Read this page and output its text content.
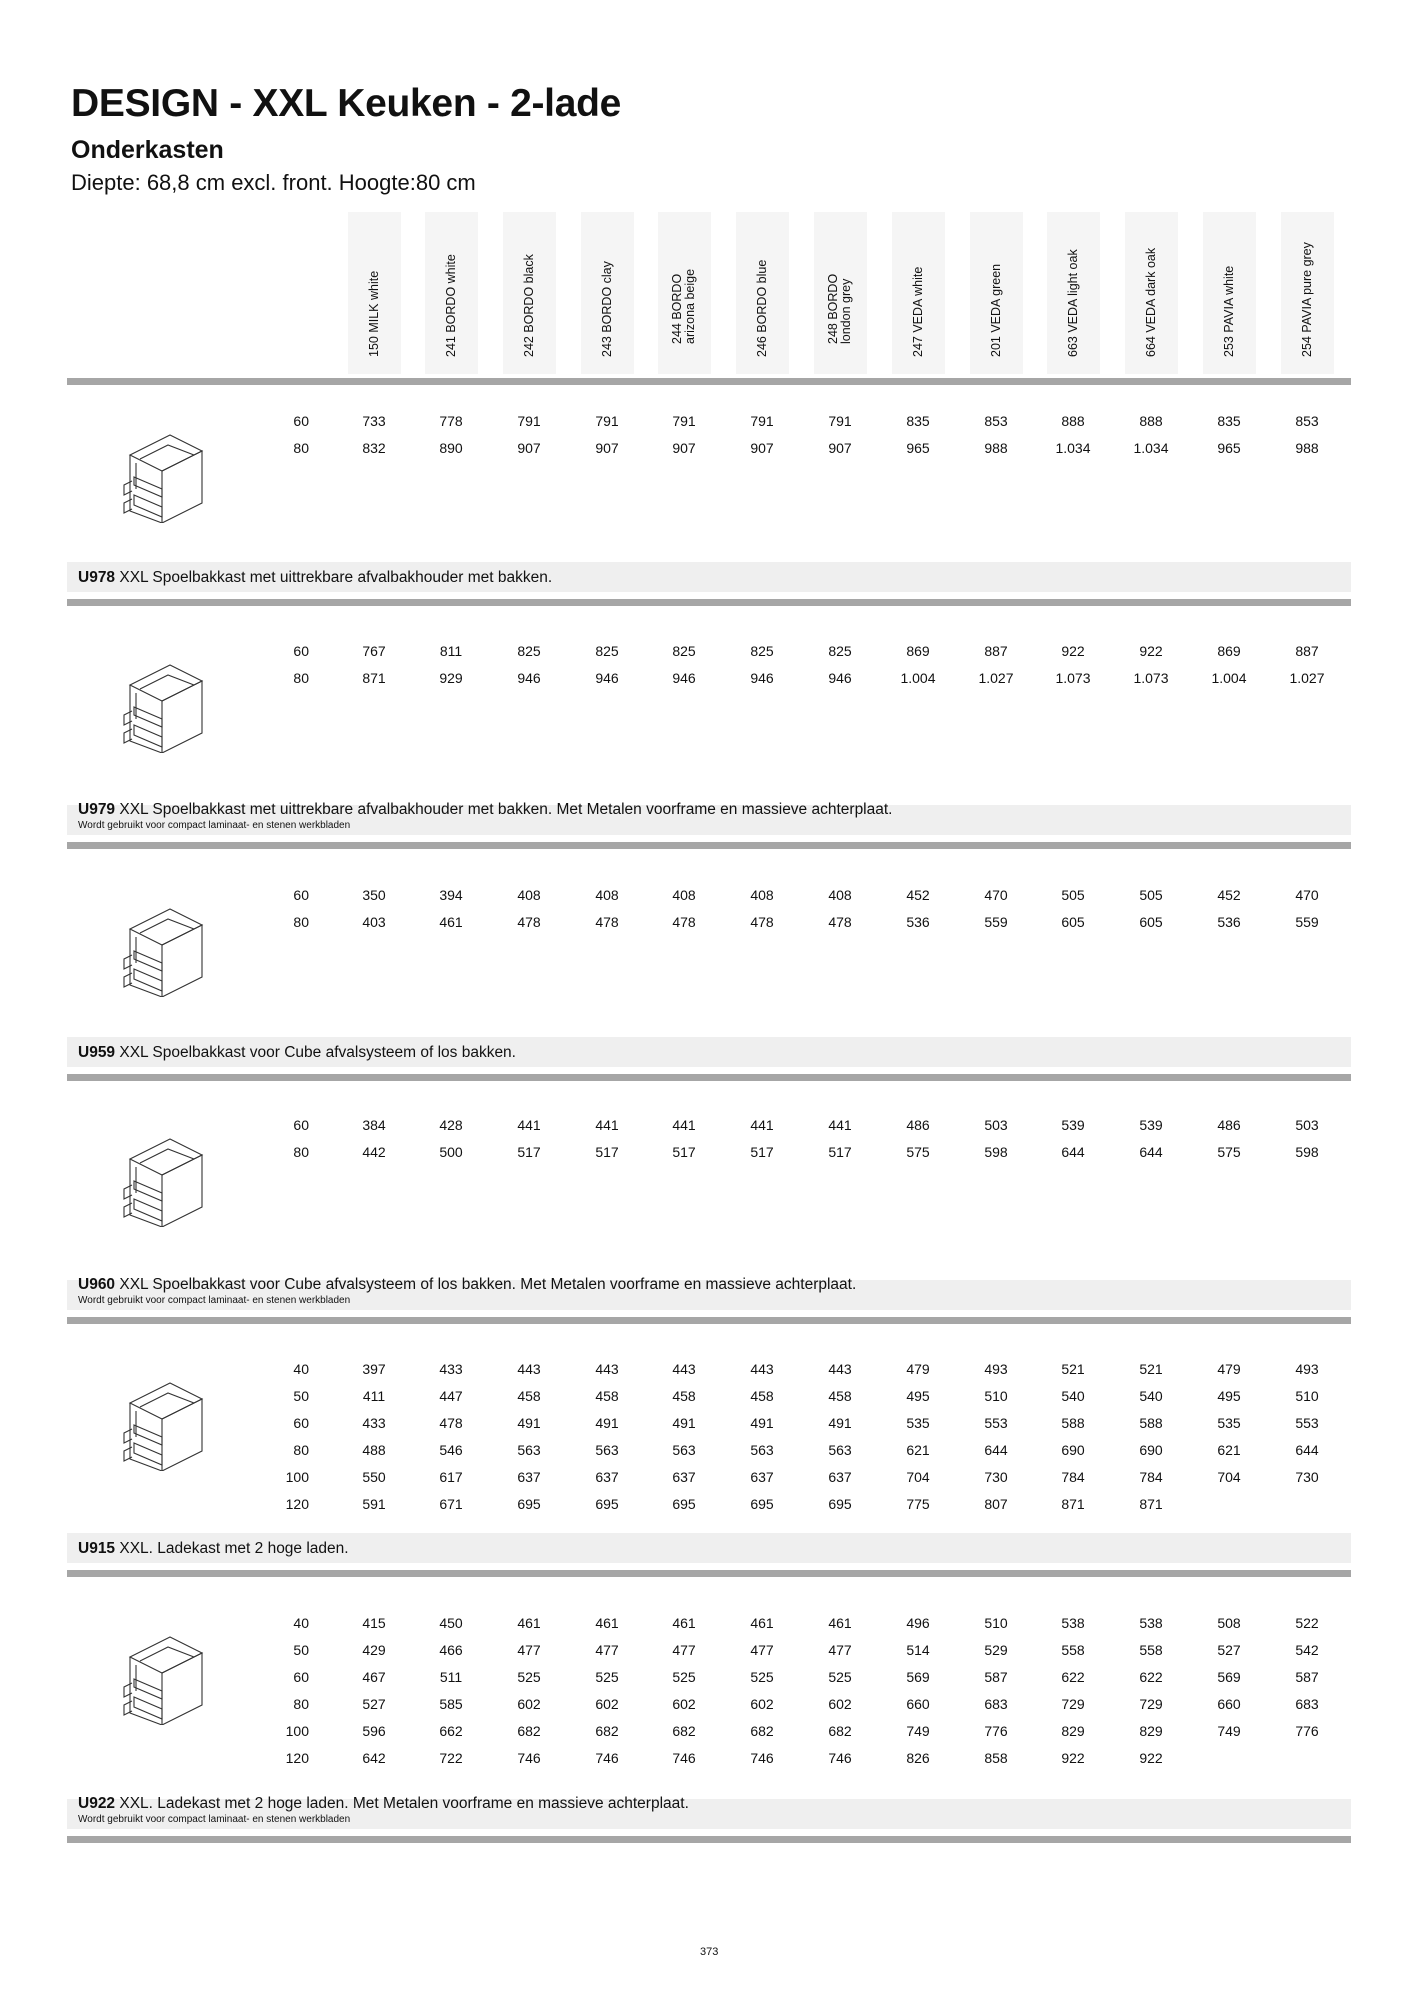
DESIGN - XXL Keuken - 2-lade
Onderkasten
Diepte: 68,8 cm excl. front. Hoogte:80 cm
150 MILK white	241 BORDO white	242 BORDO black	243 BORDO clay	244 BORDO arizona beige	246 BORDO blue	248 BORDO london grey	247 VEDA white	201 VEDA green	663 VEDA light oak	664 VEDA dark oak	253 PAVIA white	254 PAVIA pure grey
60	733	778	791	791	791	791	791	835	853	888	888	835	853
80	832	890	907	907	907	907	907	965	988	1.034	1.034	965	988
U978 XXL Spoelbakkast met uittrekbare afvalbakhouder met bakken.
60	767	811	825	825	825	825	825	869	887	922	922	869	887
80	871	929	946	946	946	946	946	1.004	1.027	1.073	1.073	1.004	1.027
U979 XXL Spoelbakkast met uittrekbare afvalbakhouder met bakken. Met Metalen voorframe en massieve achterplaat.
Wordt gebruikt voor compact laminaat- en stenen werkbladen
60	350	394	408	408	408	408	408	452	470	505	505	452	470
80	403	461	478	478	478	478	478	536	559	605	605	536	559
U959 XXL Spoelbakkast voor Cube afvalsysteem of los bakken.
60	384	428	441	441	441	441	441	486	503	539	539	486	503
80	442	500	517	517	517	517	517	575	598	644	644	575	598
U960 XXL Spoelbakkast voor Cube afvalsysteem of los bakken. Met Metalen voorframe en massieve achterplaat.
Wordt gebruikt voor compact laminaat- en stenen werkbladen
40	397	433	443	443	443	443	443	479	493	521	521	479	493
50	411	447	458	458	458	458	458	495	510	540	540	495	510
60	433	478	491	491	491	491	491	535	553	588	588	535	553
80	488	546	563	563	563	563	563	621	644	690	690	621	644
100	550	617	637	637	637	637	637	704	730	784	784	704	730
120	591	671	695	695	695	695	695	775	807	871	871
U915 XXL. Ladekast met 2 hoge laden.
40	415	450	461	461	461	461	461	496	510	538	538	508	522
50	429	466	477	477	477	477	477	514	529	558	558	527	542
60	467	511	525	525	525	525	525	569	587	622	622	569	587
80	527	585	602	602	602	602	602	660	683	729	729	660	683
100	596	662	682	682	682	682	682	749	776	829	829	749	776
120	642	722	746	746	746	746	746	826	858	922	922
U922 XXL. Ladekast met 2 hoge laden. Met Metalen voorframe en massieve achterplaat.
Wordt gebruikt voor compact laminaat- en stenen werkbladen
373
